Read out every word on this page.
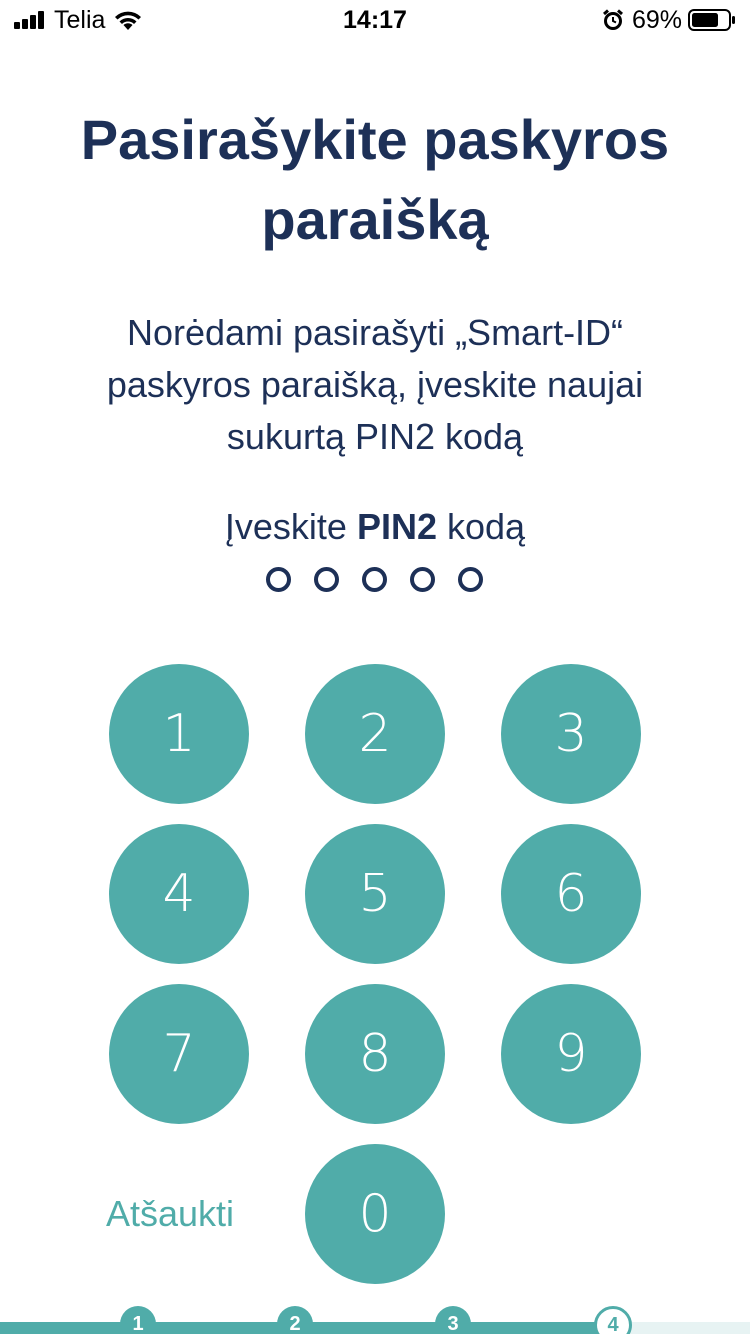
Telia	14:17	69%
Pasirašykite paskyros paraišką

Norėdami pasirašyti „Smart-ID“ paskyros paraišką, įveskite naujai sukurtą PIN2 kodą

Įveskite PIN2 kodą
1	2	3
4	5	6
7	8	9
Atšaukti	0
1	2	3	4
